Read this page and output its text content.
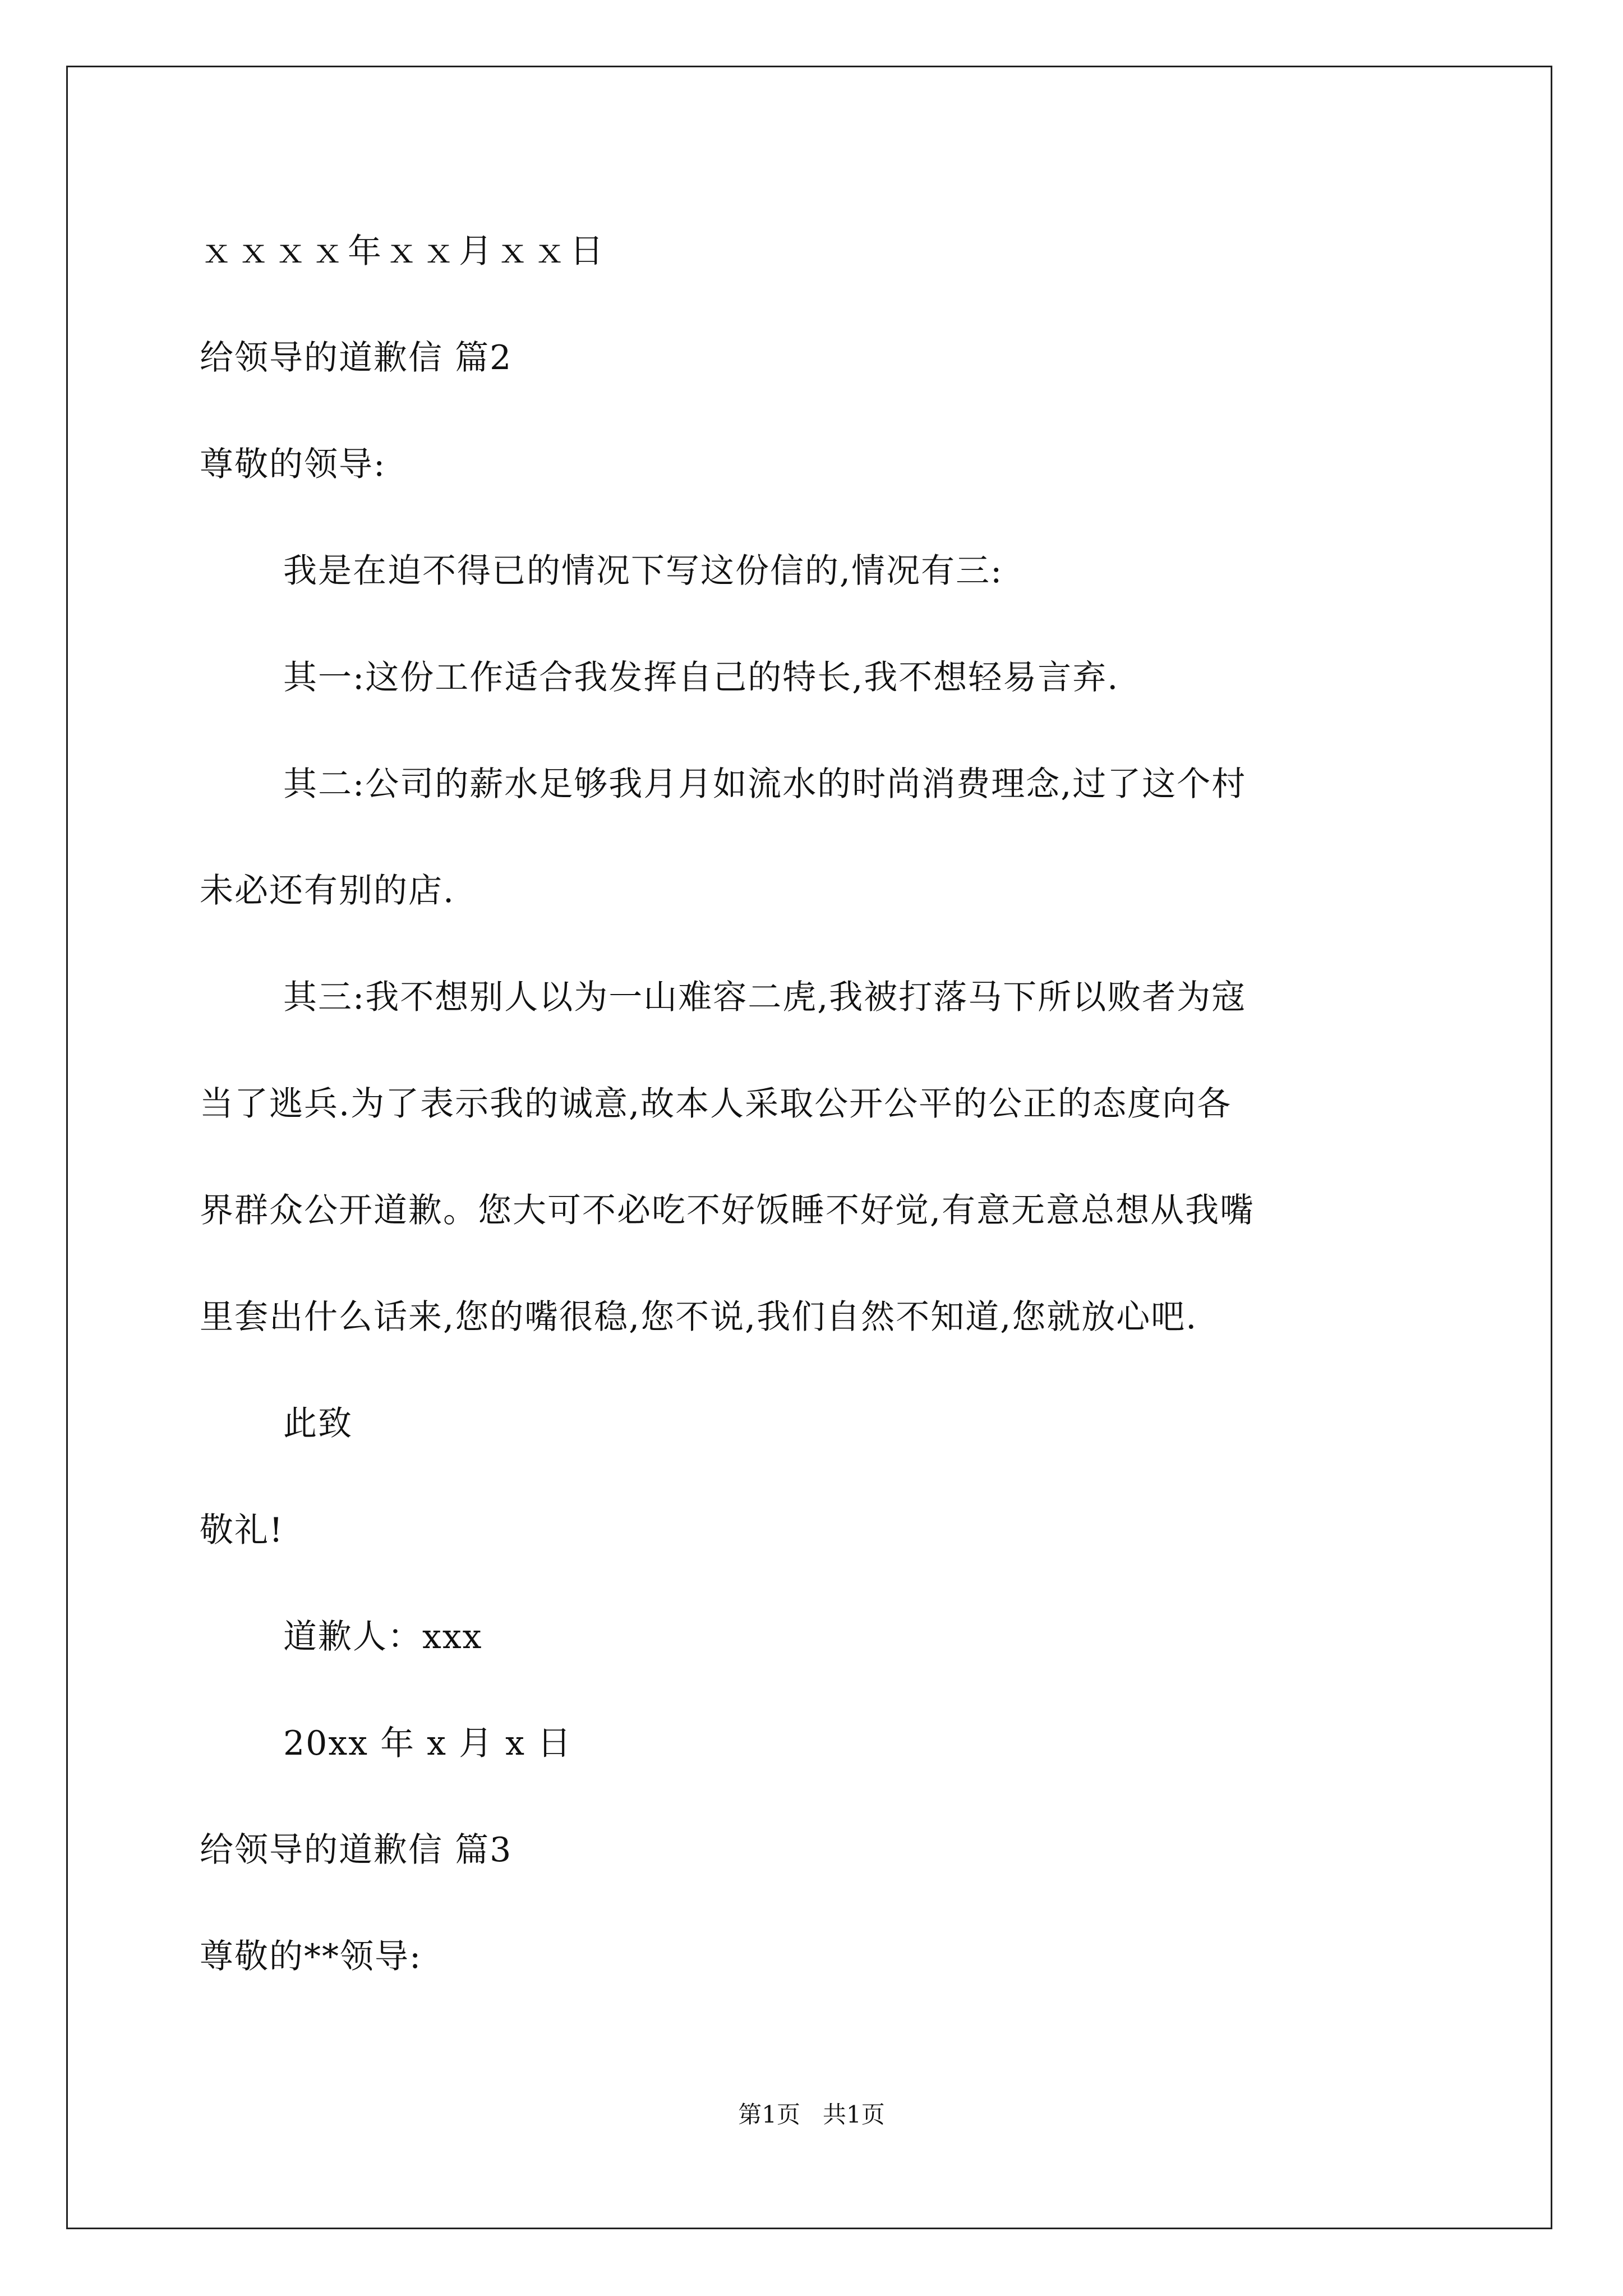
ｘｘｘｘ年ｘｘ月ｘｘ日
给领导的道歉信 篇2
尊敬的领导:
我是在迫不得已的情况下写这份信的,情况有三:
其一:这份工作适合我发挥自己的特长,我不想轻易言弃.
其二:公司的薪水足够我月月如流水的时尚消费理念,过了这个村
未必还有别的店.
其三:我不想别人以为一山难容二虎,我被打落马下所以败者为寇
当了逃兵.为了表示我的诚意,故本人采取公开公平的公正的态度向各
界群众公开道歉。您大可不必吃不好饭睡不好觉,有意无意总想从我嘴
里套出什么话来,您的嘴很稳,您不说,我们自然不知道,您就放心吧.
此致
敬礼!
道歉人：xxx
20xx 年 x 月 x 日
给领导的道歉信 篇3
尊敬的**领导:
第1页   共1页
